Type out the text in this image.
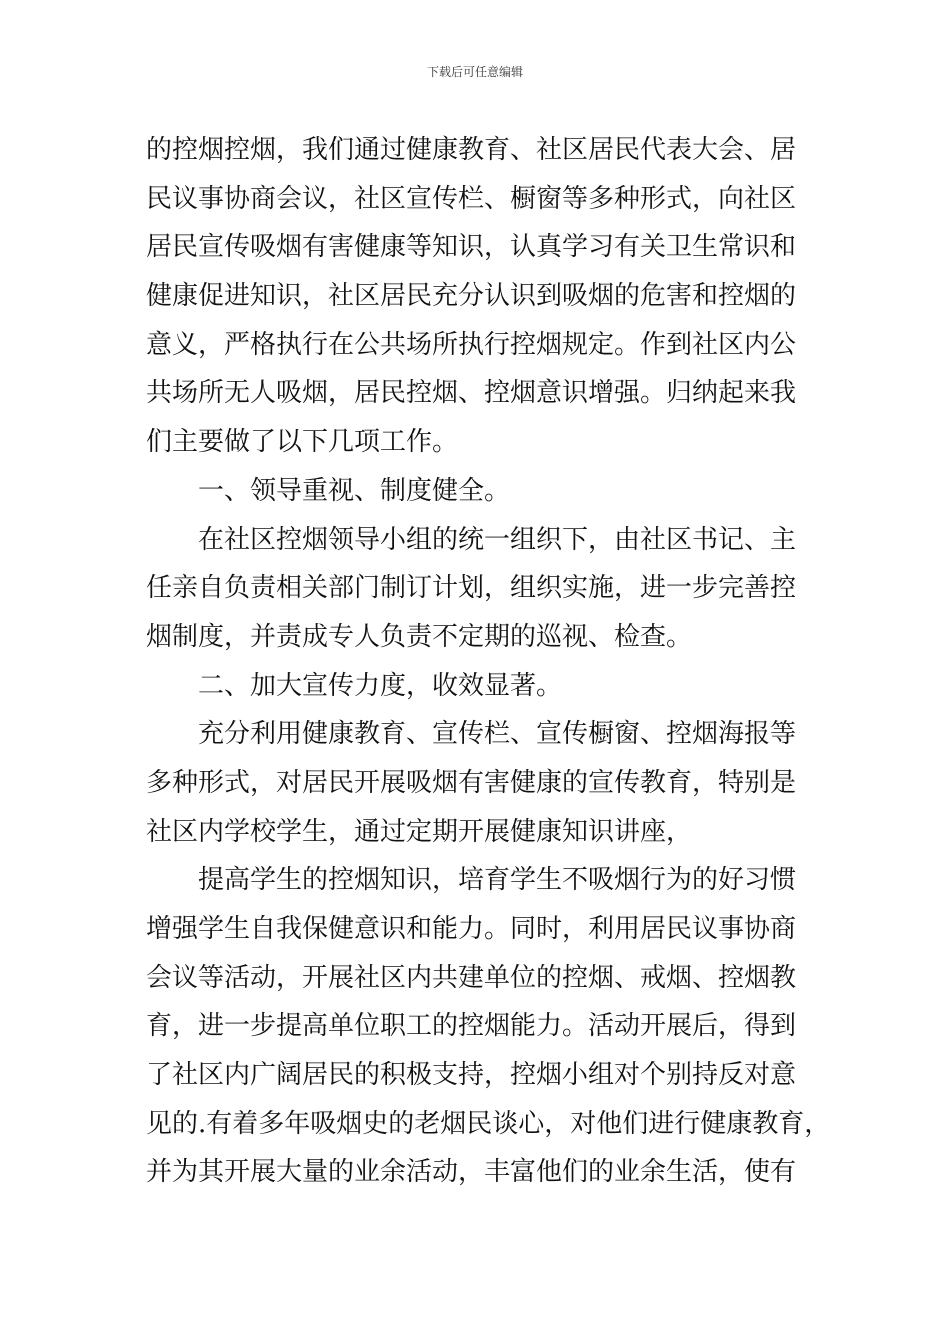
下载后可任意编辑
的控烟控烟，我们通过健康教育、社区居民代表大会、居
民议事协商会议，社区宣传栏、橱窗等多种形式，向社区
居民宣传吸烟有害健康等知识，认真学习有关卫生常识和
健康促进知识，社区居民充分认识到吸烟的危害和控烟的
意义，严格执行在公共场所执行控烟规定。作到社区内公
共场所无人吸烟，居民控烟、控烟意识增强。归纳起来我
们主要做了以下几项工作。
一、领导重视、制度健全。
在社区控烟领导小组的统一组织下，由社区书记、主
任亲自负责相关部门制订计划，组织实施，进一步完善控
烟制度，并责成专人负责不定期的巡视、检查。
二、加大宣传力度，收效显著。
充分利用健康教育、宣传栏、宣传橱窗、控烟海报等
多种形式，对居民开展吸烟有害健康的宣传教育，特别是
社区内学校学生，通过定期开展健康知识讲座，
提高学生的控烟知识，培育学生不吸烟行为的好习惯
增强学生自我保健意识和能力。同时，利用居民议事协商
会议等活动，开展社区内共建单位的控烟、戒烟、控烟教
育，进一步提高单位职工的控烟能力。活动开展后，得到
了社区内广阔居民的积极支持，控烟小组对个别持反对意
见的.有着多年吸烟史的老烟民谈心，对他们进行健康教育，
并为其开展大量的业余活动，丰富他们的业余生活，使有
